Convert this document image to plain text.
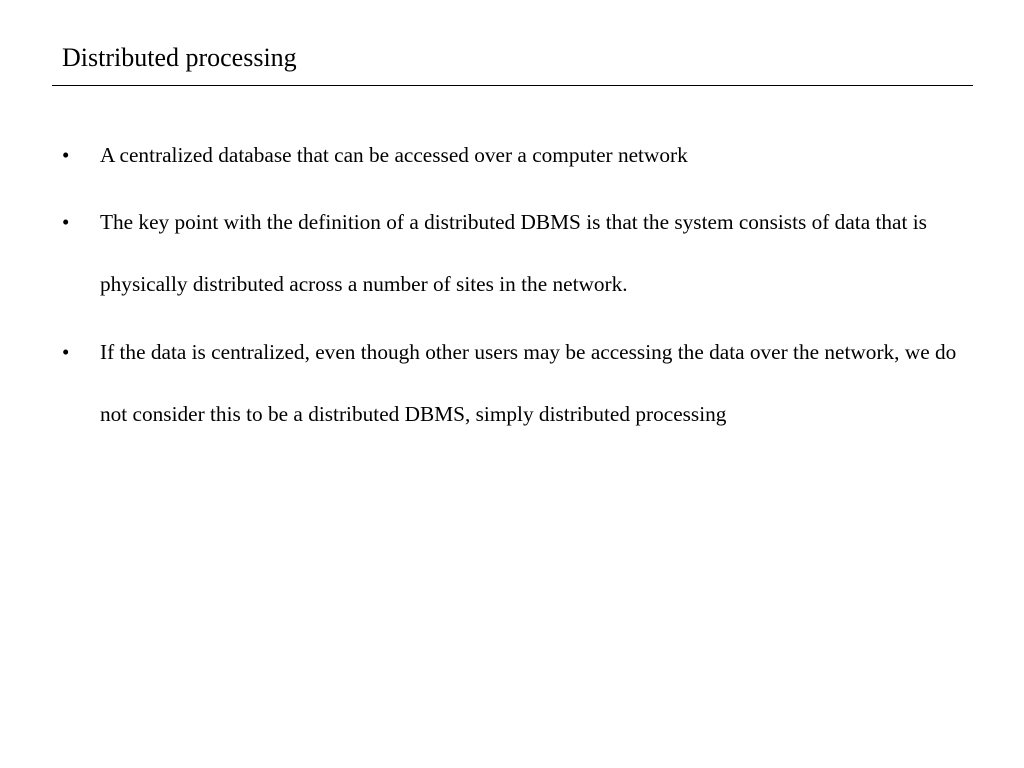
Distributed processing
• A centralized database that can be accessed over a computer network
• The key point with the definition of a distributed DBMS is that the system consists of data that is physically distributed across a number of sites in the network.
• If the data is centralized, even though other users may be accessing the data over the network, we do not consider this to be a distributed DBMS, simply distributed processing
